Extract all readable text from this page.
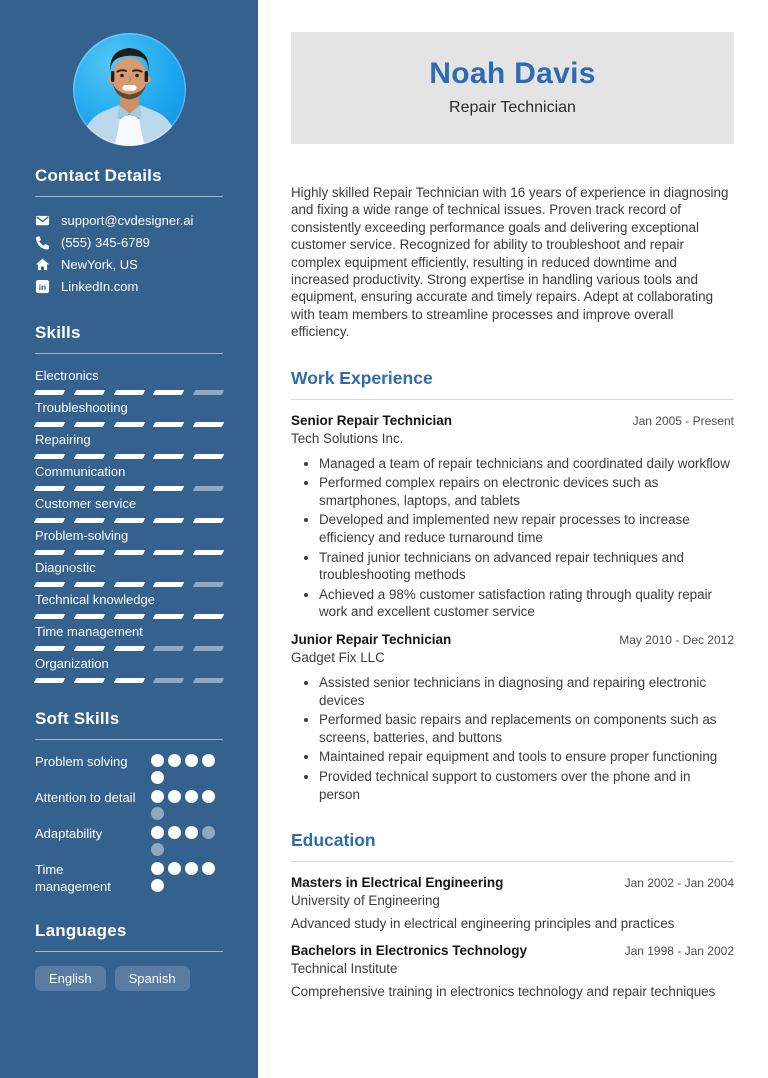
Contact Details
support@cvdesigner.ai
(555) 345-6789
NewYork, US
in LinkedIn.com
Skills
Electronics
Troubleshooting
Repairing
Communication
Customer service
Problem-solving
Diagnostic
Technical knowledge
Time management
Organization
Soft Skills
Problem solving
Attention to detail
Adaptability
Time management
Languages
English	Spanish
Noah Davis
Repair Technician

Highly skilled Repair Technician with 16 years of experience in diagnosing and fixing a wide range of technical issues. Proven track record of consistently exceeding performance goals and delivering exceptional customer service. Recognized for ability to troubleshoot and repair complex equipment efficiently, resulting in reduced downtime and increased productivity. Strong expertise in handling various tools and equipment, ensuring accurate and timely repairs. Adept at collaborating with team members to streamline processes and improve overall efficiency.

Work Experience
Senior Repair Technician	Jan 2005 - Present
Tech Solutions Inc.
• Managed a team of repair technicians and coordinated daily workflow
• Performed complex repairs on electronic devices such as smartphones, laptops, and tablets
• Developed and implemented new repair processes to increase efficiency and reduce turnaround time
• Trained junior technicians on advanced repair techniques and troubleshooting methods
• Achieved a 98% customer satisfaction rating through quality repair work and excellent customer service
Junior Repair Technician	May 2010 - Dec 2012
Gadget Fix LLC
• Assisted senior technicians in diagnosing and repairing electronic devices
• Performed basic repairs and replacements on components such as screens, batteries, and buttons
• Maintained repair equipment and tools to ensure proper functioning
• Provided technical support to customers over the phone and in person
Education
Masters in Electrical Engineering	Jan 2002 - Jan 2004
University of Engineering

Advanced study in electrical engineering principles and practices

Bachelors in Electronics Technology	Jan 1998 - Jan 2002
Technical Institute

Comprehensive training in electronics technology and repair techniques
